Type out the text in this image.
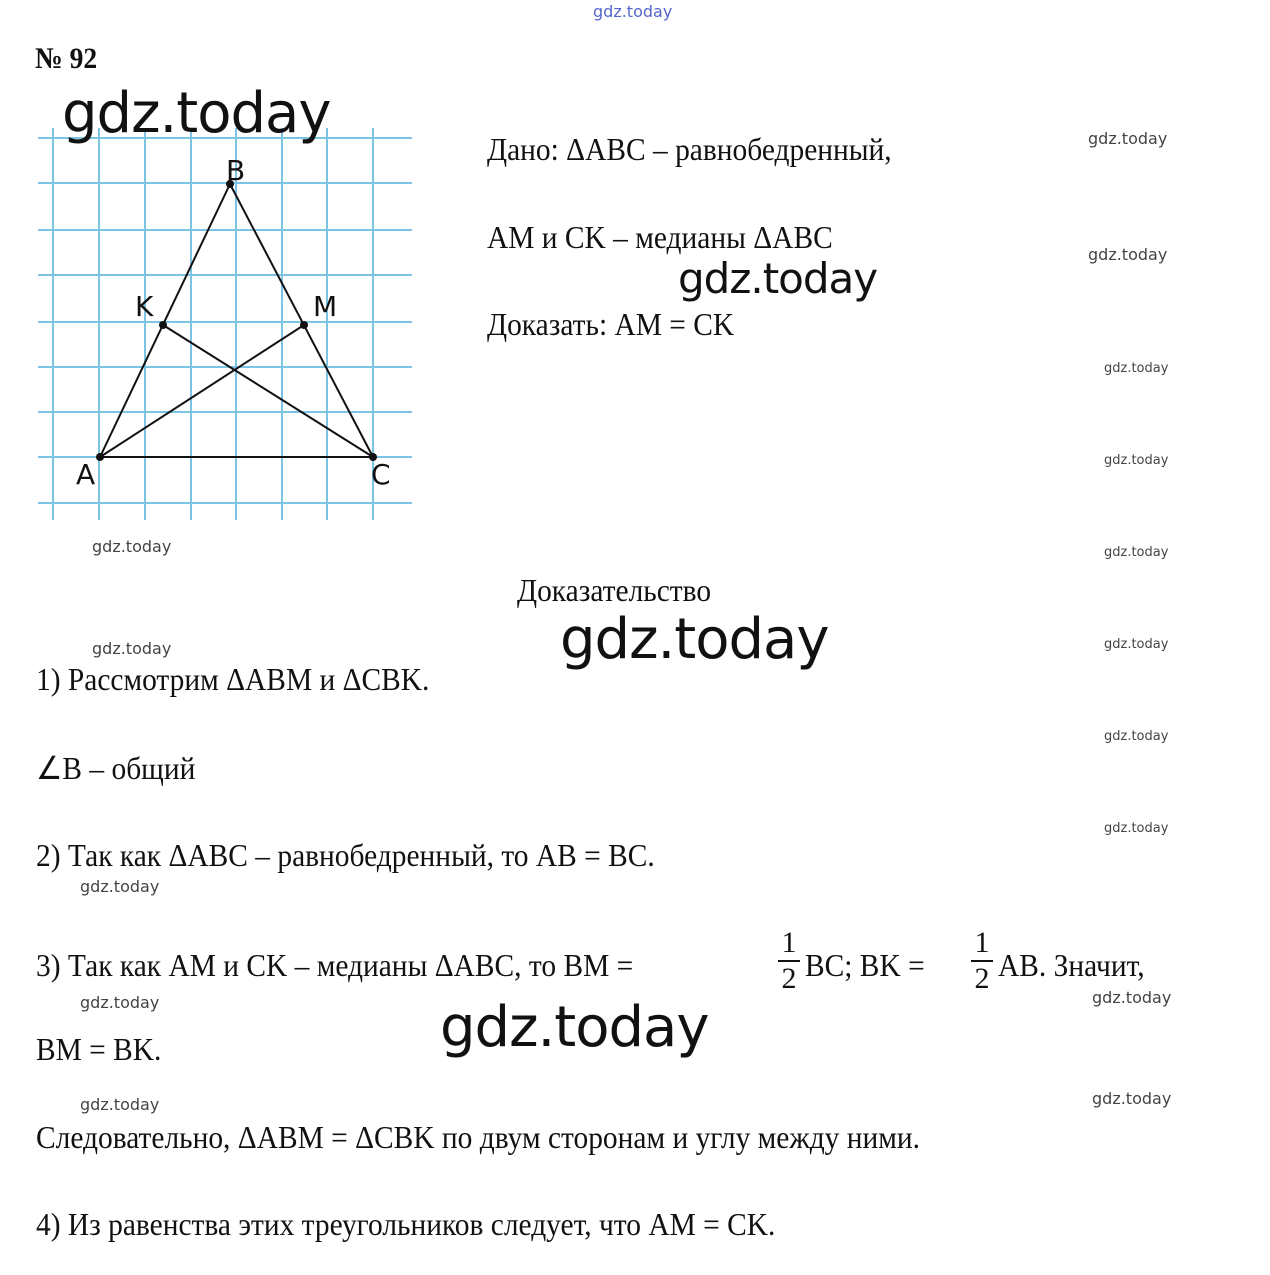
gdz.today
№ 92
B
K	M
A	C
gdz.today
gdz.today
Дано: ΔABC – равнобедренный,
AM и CK – медианы ΔABC
gdz.today
Доказать: AM = CK
gdz.today
gdz.today
gdz.today
gdz.today
gdz.today
gdz.today
gdz.today
gdz.today
Доказательство
gdz.today
gdz.today
1) Рассмотрим ΔABM и ΔCBK.
∠B – общий
2) Так как ΔABC – равнобедренный, то AB = BC.
gdz.today
3) Так как AM и CK – медианы ΔABC, то BM =
1
2 BC; BK =
1
2 AB. Значит,
gdz.today	gdz.today
gdz.today
BM = BK.
gdz.today	gdz.today
Следовательно, ΔABM = ΔCBK по двум сторонам и углу между ними.
4) Из равенства этих треугольников следует, что AM = CK.
